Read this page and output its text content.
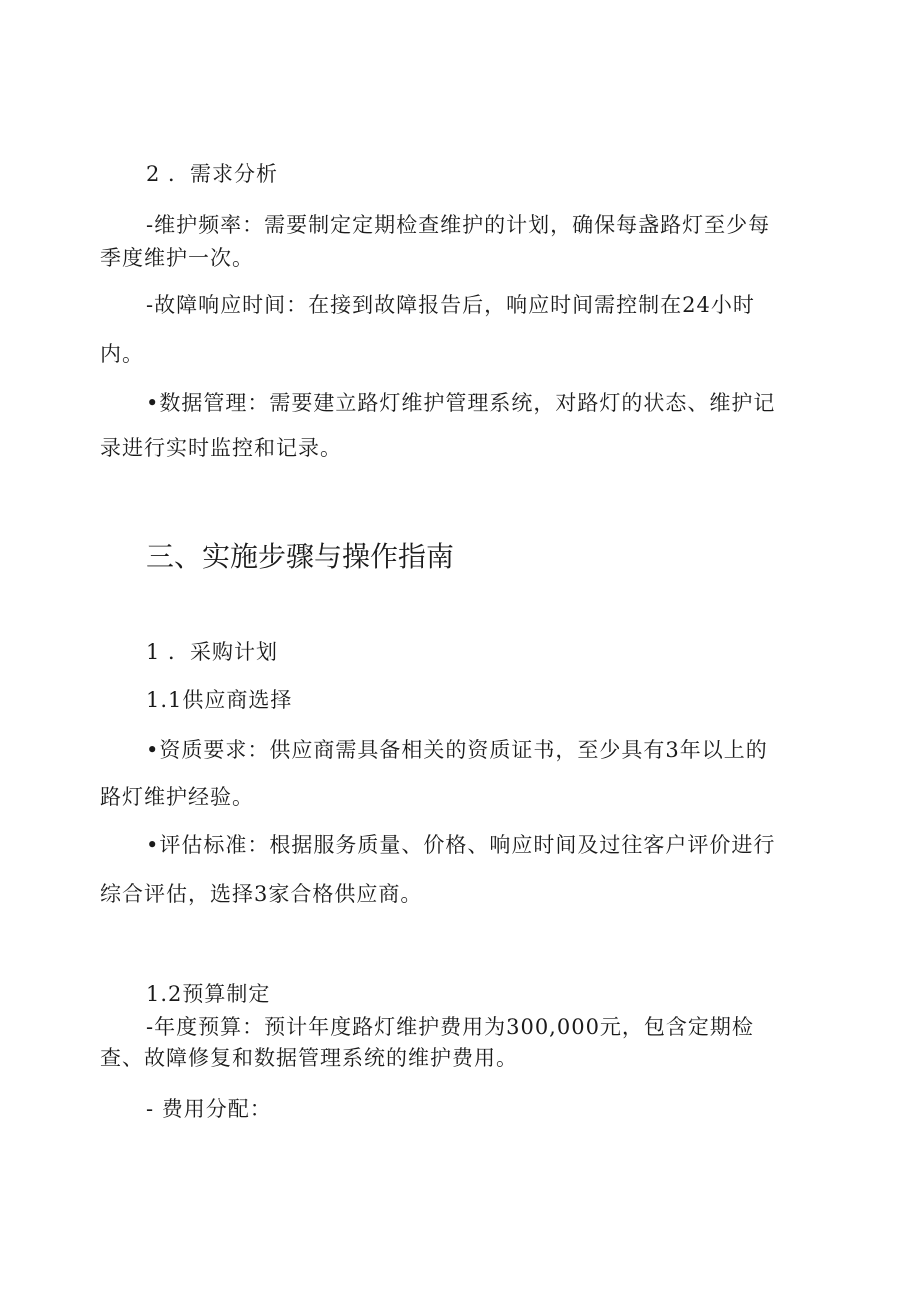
2 ．需求分析
-维护频率：需要制定定期检查维护的计划，确保每盏路灯至少每
季度维护一次。
-故障响应时间：在接到故障报告后，响应时间需控制在24小时
内。
•数据管理：需要建立路灯维护管理系统，对路灯的状态、维护记
录进行实时监控和记录。
三、实施步骤与操作指南
1 ．采购计划
1.1供应商选择
•资质要求：供应商需具备相关的资质证书，至少具有3年以上的
路灯维护经验。
•评估标准：根据服务质量、价格、响应时间及过往客户评价进行
综合评估，选择3家合格供应商。
1.2预算制定
-年度预算：预计年度路灯维护费用为300,000元，包含定期检
查、故障修复和数据管理系统的维护费用。
- 费用分配：
